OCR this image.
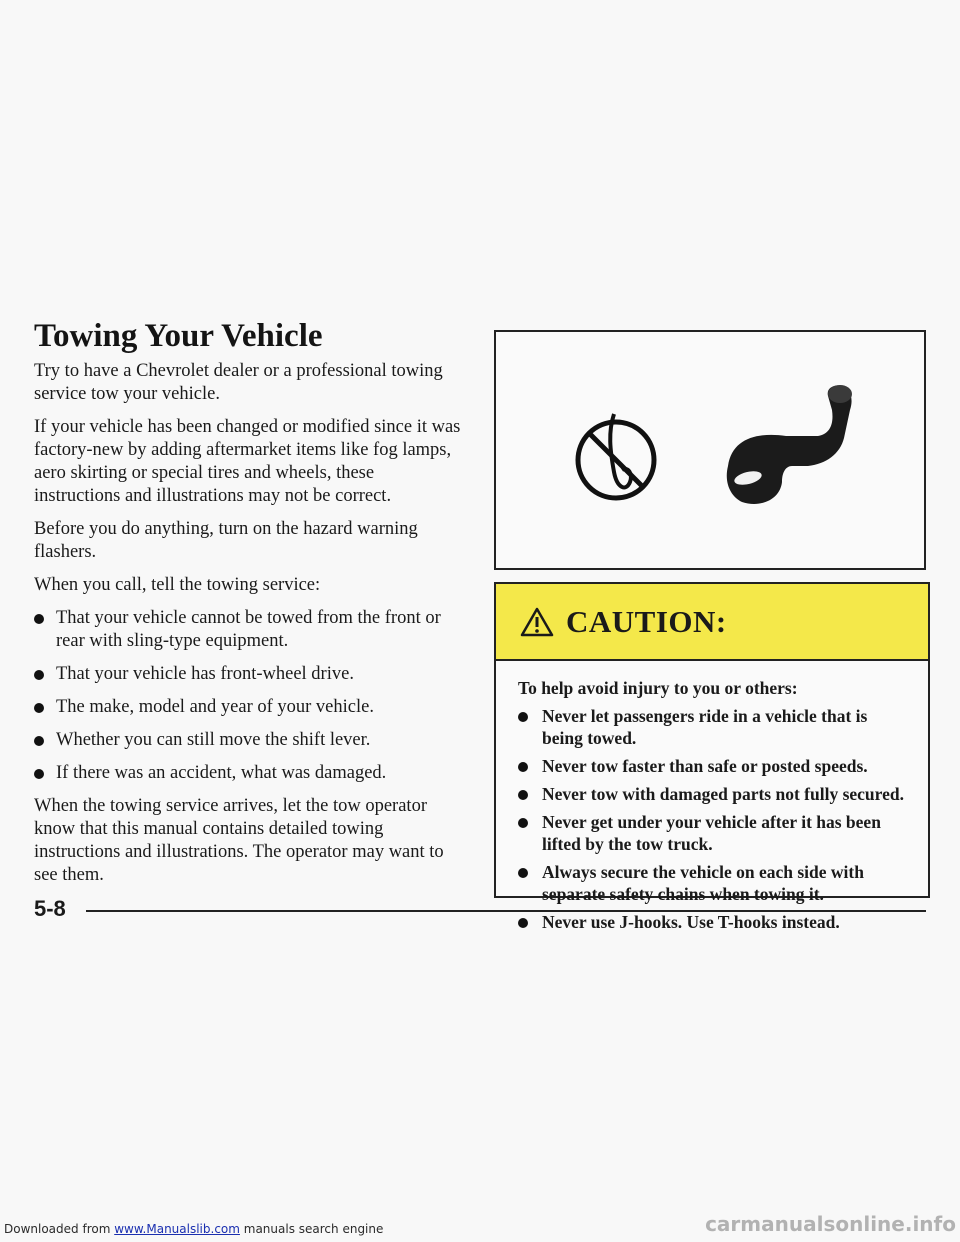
Towing Your Vehicle

Try to have a Chevrolet dealer or a professional towing service tow your vehicle.

If your vehicle has been changed or modified since it was factory-new by adding aftermarket items like fog lamps, aero skirting or special tires and wheels, these instructions and illustrations may not be correct.

Before you do anything, turn on the hazard warning flashers.

When you call, tell the towing service:

That your vehicle cannot be towed from the front or rear with sling-type equipment.
That your vehicle has front-wheel drive.
The make, model and year of your vehicle.
Whether you can still move the shift lever.
If there was an accident, what was damaged.

When the towing service arrives, let the tow operator know that this manual contains detailed towing instructions and illustrations. The operator may want to see them.

CAUTION:

To help avoid injury to you or others:

Never let passengers ride in a vehicle that is being towed.
Never tow faster than safe or posted speeds.
Never tow with damaged parts not fully secured.
Never get under your vehicle after it has been lifted by the tow truck.
Always secure the vehicle on each side with separate safety chains when towing it.
Never use J-hooks. Use T-hooks instead.
5-8
Downloaded from www.Manualslib.com manuals search engine	carmanualsonline.info
